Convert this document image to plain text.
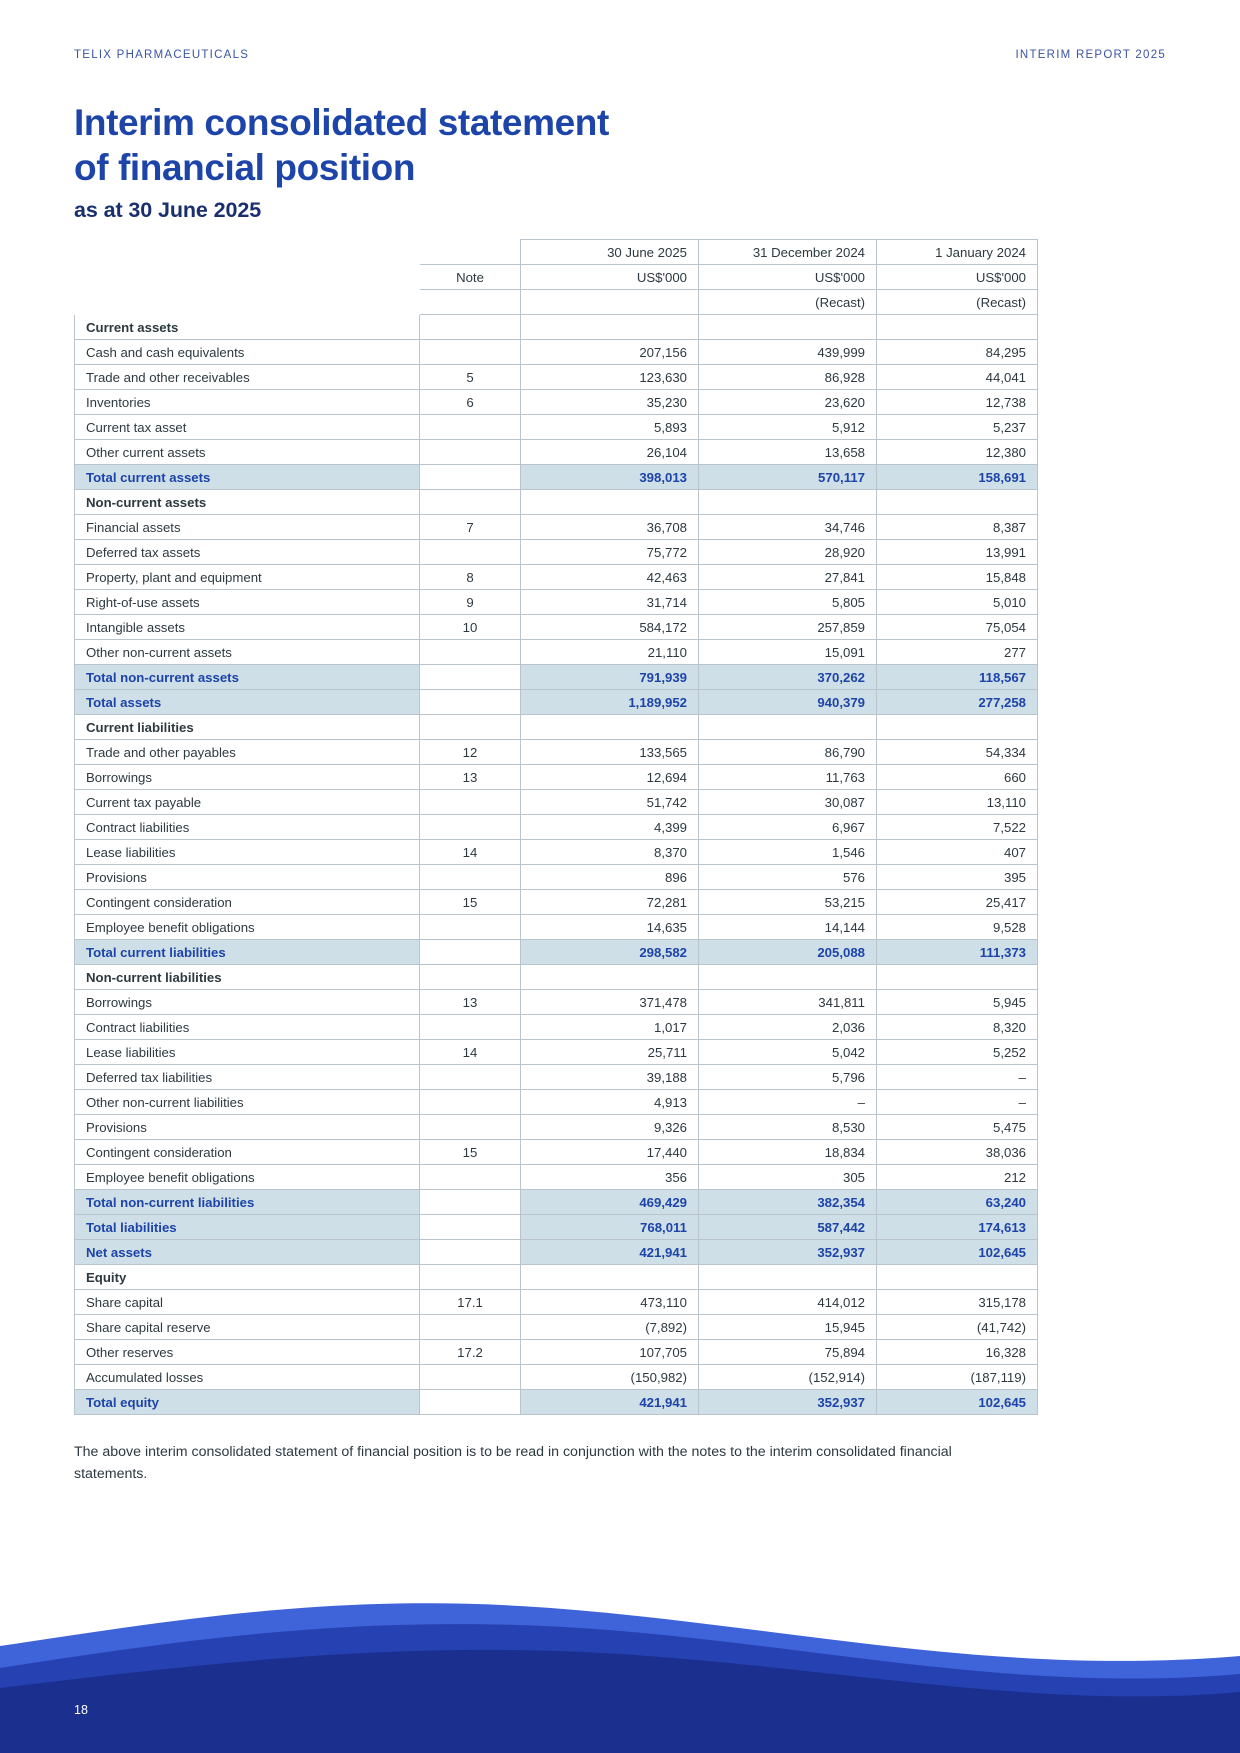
TELIX PHARMACEUTICALS	INTERIM REPORT 2025
Interim consolidated statement
of financial position
as at 30 June 2025
		30 June 2025	31 December 2024	1 January 2024
	Note	US$'000	US$'000	US$'000
			(Recast)	(Recast)
Current assets				
Cash and cash equivalents		207,156	439,999	84,295
Trade and other receivables	5	123,630	86,928	44,041
Inventories	6	35,230	23,620	12,738
Current tax asset		5,893	5,912	5,237
Other current assets		26,104	13,658	12,380
Total current assets		398,013	570,117	158,691
Non-current assets				
Financial assets	7	36,708	34,746	8,387
Deferred tax assets		75,772	28,920	13,991
Property, plant and equipment	8	42,463	27,841	15,848
Right-of-use assets	9	31,714	5,805	5,010
Intangible assets	10	584,172	257,859	75,054
Other non-current assets		21,110	15,091	277
Total non-current assets		791,939	370,262	118,567
Total assets		1,189,952	940,379	277,258
Current liabilities				
Trade and other payables	12	133,565	86,790	54,334
Borrowings	13	12,694	11,763	660
Current tax payable		51,742	30,087	13,110
Contract liabilities		4,399	6,967	7,522
Lease liabilities	14	8,370	1,546	407
Provisions		896	576	395
Contingent consideration	15	72,281	53,215	25,417
Employee benefit obligations		14,635	14,144	9,528
Total current liabilities		298,582	205,088	111,373
Non-current liabilities				
Borrowings	13	371,478	341,811	5,945
Contract liabilities		1,017	2,036	8,320
Lease liabilities	14	25,711	5,042	5,252
Deferred tax liabilities		39,188	5,796	–
Other non-current liabilities		4,913	–	–
Provisions		9,326	8,530	5,475
Contingent consideration	15	17,440	18,834	38,036
Employee benefit obligations		356	305	212
Total non-current liabilities		469,429	382,354	63,240
Total liabilities		768,011	587,442	174,613
Net assets		421,941	352,937	102,645
Equity				
Share capital	17.1	473,110	414,012	315,178
Share capital reserve		(7,892)	15,945	(41,742)
Other reserves	17.2	107,705	75,894	16,328
Accumulated losses		(150,982)	(152,914)	(187,119)
Total equity		421,941	352,937	102,645
The above interim consolidated statement of financial position is to be read in conjunction with the notes to the interim consolidated financial statements.
18
